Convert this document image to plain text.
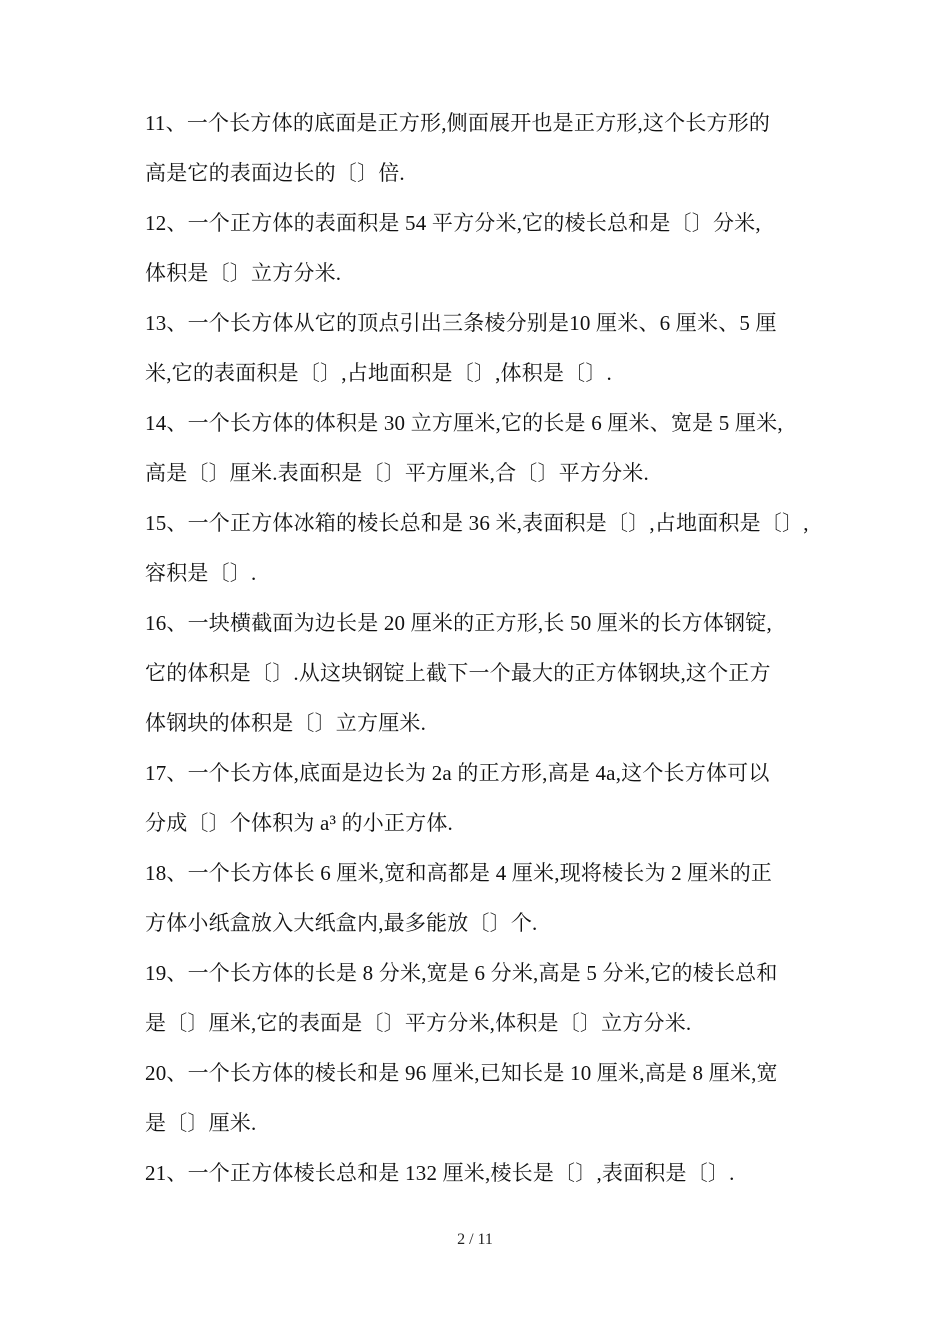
11、一个长方体的底面是正方形,侧面展开也是正方形,这个长方形的
高是它的表面边长的〔〕倍.
12、一个正方体的表面积是 54 平方分米,它的棱长总和是〔〕分米,
体积是〔〕立方分米.
13、一个长方体从它的顶点引出三条棱分别是10 厘米、6 厘米、5 厘
米,它的表面积是〔〕,占地面积是〔〕,体积是〔〕.
14、一个长方体的体积是 30 立方厘米,它的长是 6 厘米、宽是 5 厘米,
高是〔〕厘米.表面积是〔〕平方厘米,合〔〕平方分米.
15、一个正方体冰箱的棱长总和是 36 米,表面积是〔〕,占地面积是〔〕,
容积是〔〕.
16、一块横截面为边长是 20 厘米的正方形,长 50 厘米的长方体钢锭,
它的体积是〔〕.从这块钢锭上截下一个最大的正方体钢块,这个正方
体钢块的体积是〔〕立方厘米.
17、一个长方体,底面是边长为 2a 的正方形,高是 4a,这个长方体可以
分成〔〕个体积为 a³ 的小正方体.
18、一个长方体长 6 厘米,宽和高都是 4 厘米,现将棱长为 2 厘米的正
方体小纸盒放入大纸盒内,最多能放〔〕个.
19、一个长方体的长是 8 分米,宽是 6 分米,高是 5 分米,它的棱长总和
是〔〕厘米,它的表面是〔〕平方分米,体积是〔〕立方分米.
20、一个长方体的棱长和是 96 厘米,已知长是 10 厘米,高是 8 厘米,宽
是〔〕厘米.
21、一个正方体棱长总和是 132 厘米,棱长是〔〕,表面积是〔〕.
2 / 11
